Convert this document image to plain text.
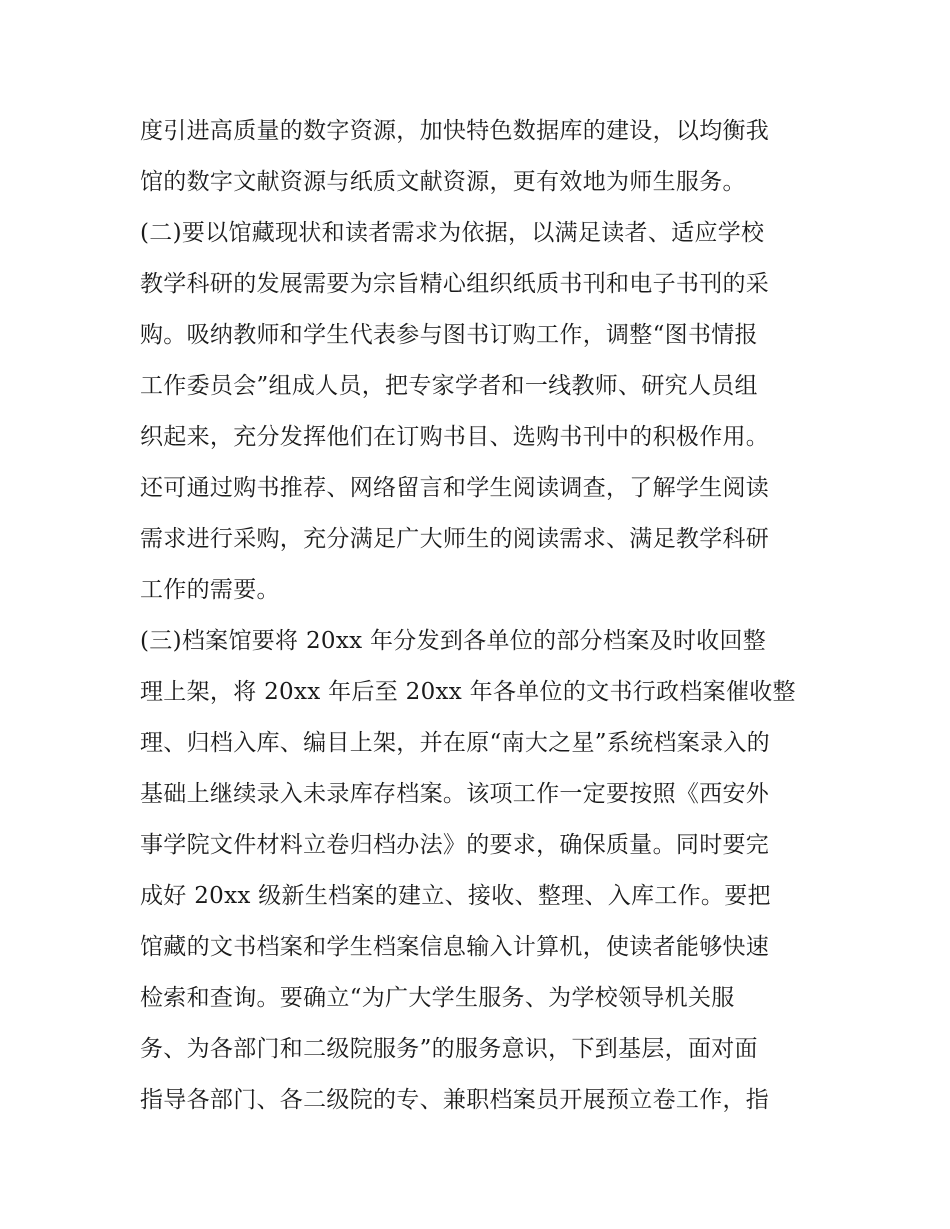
度引进高质量的数字资源，加快特色数据库的建设，以均衡我
馆的数字文献资源与纸质文献资源，更有效地为师生服务。
(二)要以馆藏现状和读者需求为依据，以满足读者、适应学校
教学科研的发展需要为宗旨精心组织纸质书刊和电子书刊的采
购。吸纳教师和学生代表参与图书订购工作，调整“图书情报
工作委员会”组成人员，把专家学者和一线教师、研究人员组
织起来，充分发挥他们在订购书目、选购书刊中的积极作用。
还可通过购书推荐、网络留言和学生阅读调查，了解学生阅读
需求进行采购，充分满足广大师生的阅读需求、满足教学科研
工作的需要。
(三)档案馆要将 20xx 年分发到各单位的部分档案及时收回整
理上架，将 20xx 年后至 20xx 年各单位的文书行政档案催收整
理、归档入库、编目上架，并在原“南大之星”系统档案录入的
基础上继续录入未录库存档案。该项工作一定要按照《西安外
事学院文件材料立卷归档办法》的要求，确保质量。同时要完
成好 20xx 级新生档案的建立、接收、整理、入库工作。要把
馆藏的文书档案和学生档案信息输入计算机，使读者能够快速
检索和查询。要确立“为广大学生服务、为学校领导机关服
务、为各部门和二级院服务”的服务意识，下到基层，面对面
指导各部门、各二级院的专、兼职档案员开展预立卷工作，指
